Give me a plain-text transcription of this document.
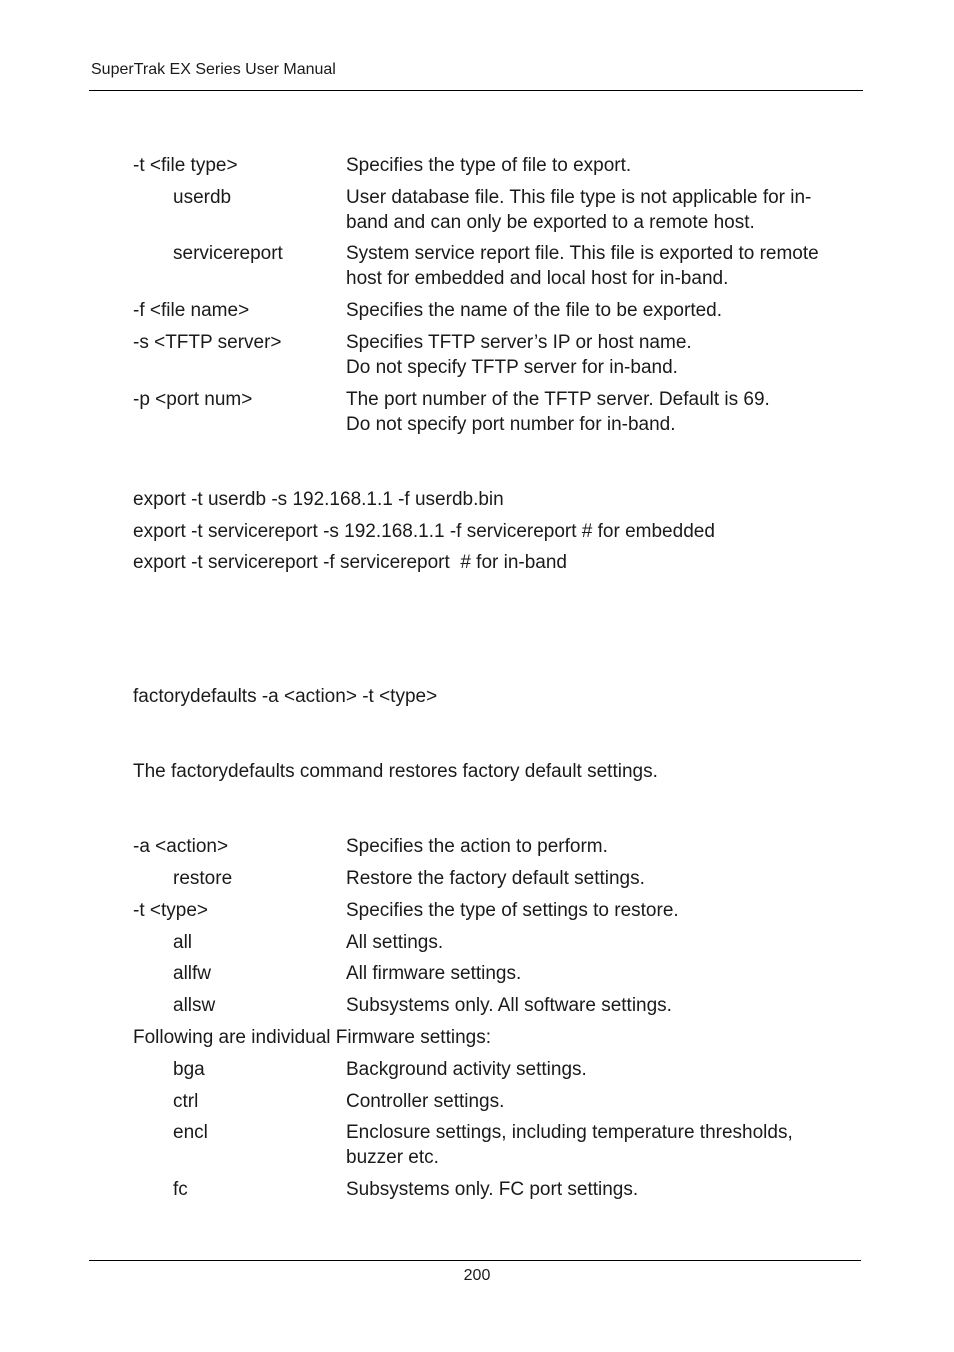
SuperTrak EX Series User Manual
-t <file type>	Specifies the type of file to export.
userdb	User database file. This file type is not applicable for in-
band and can only be exported to a remote host.
servicereport	System service report file. This file is exported to remote
host for embedded and local host for in-band.
-f <file name>	Specifies the name of the file to be exported.
-s <TFTP server>	Specifies TFTP server’s IP or host name.
Do not specify TFTP server for in-band.
-p <port num>	The port number of the TFTP server. Default is 69.
Do not specify port number for in-band.
export -t userdb -s 192.168.1.1 -f userdb.bin
export -t servicereport -s 192.168.1.1 -f servicereport # for embedded
export -t servicereport -f servicereport  # for in-band
factorydefaults -a <action> -t <type>
The factorydefaults command restores factory default settings.
-a <action>	Specifies the action to perform.
restore	Restore the factory default settings.
-t <type>	Specifies the type of settings to restore.
all	All settings.
allfw	All firmware settings.
allsw	Subsystems only. All software settings.
Following are individual Firmware settings:
bga	Background activity settings.
ctrl	Controller settings.
encl	Enclosure settings, including temperature thresholds,
buzzer etc.
fc	Subsystems only. FC port settings.
200
